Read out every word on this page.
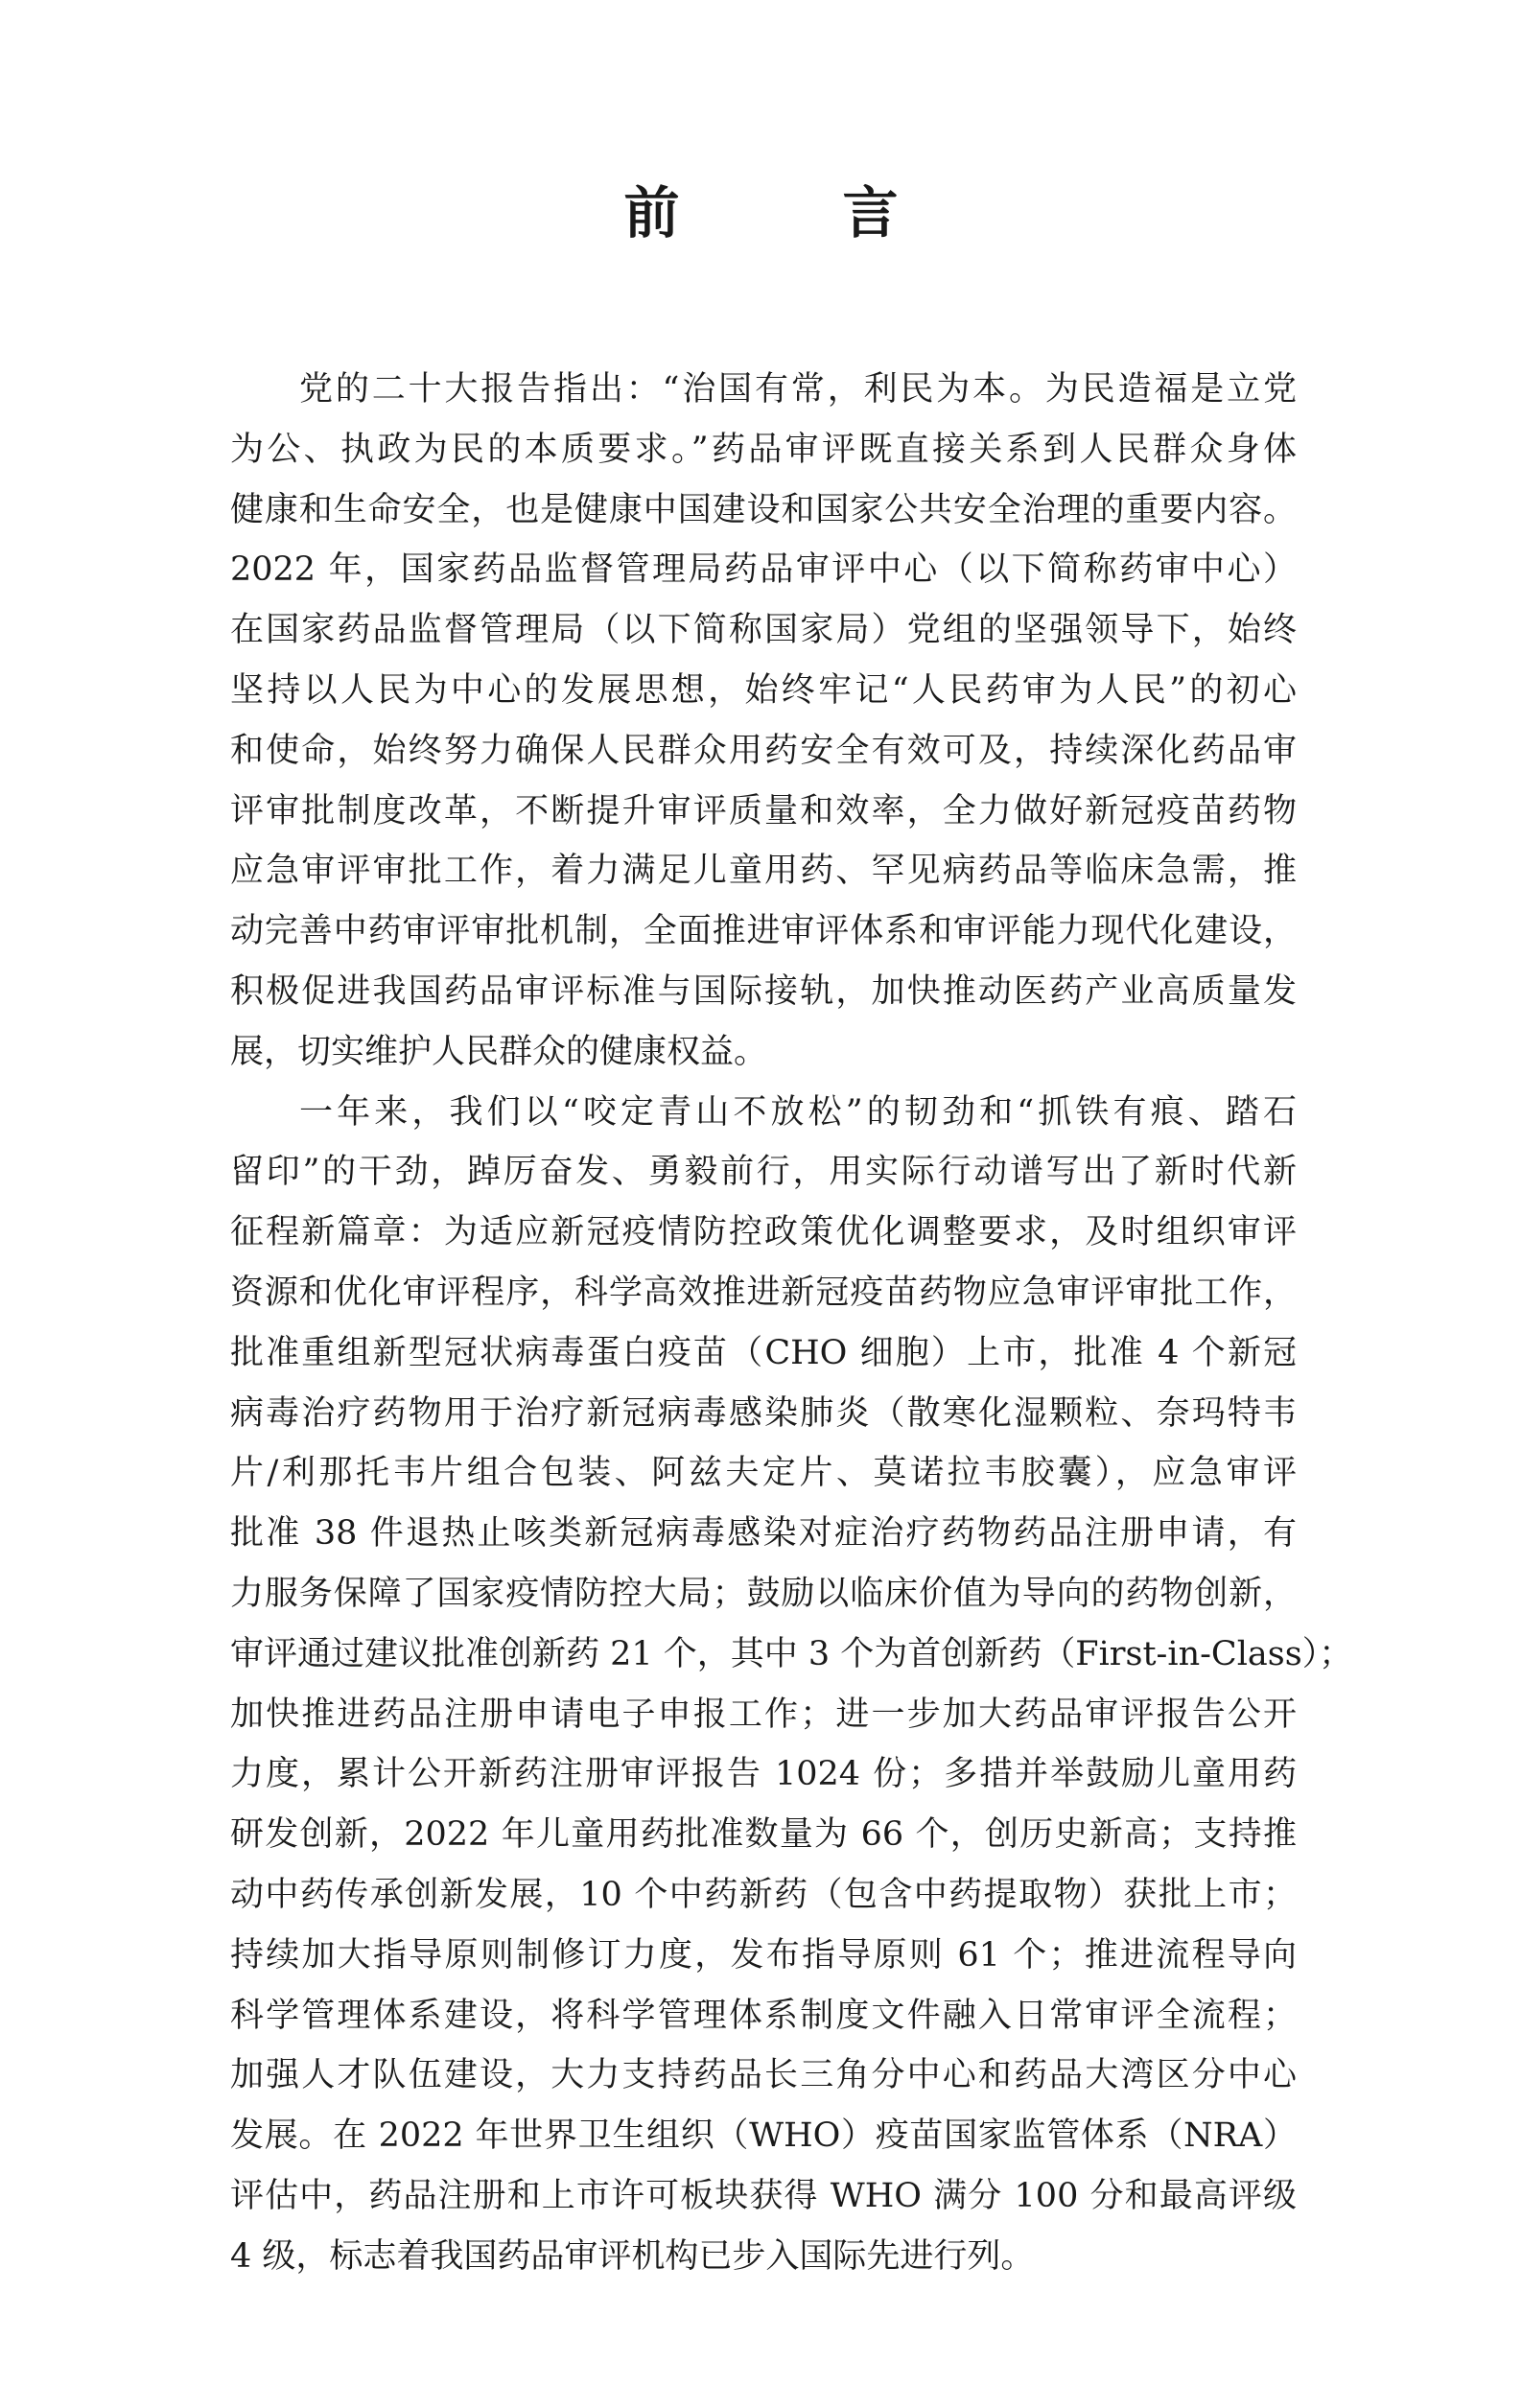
前　言
党的二十大报告指出：“治国有常，利民为本。为民造福是立党
为公、执政为民的本质要求。”药品审评既直接关系到人民群众身体
健康和生命安全，也是健康中国建设和国家公共安全治理的重要内容。
2022 年，国家药品监督管理局药品审评中心（以下简称药审中心）
在国家药品监督管理局（以下简称国家局）党组的坚强领导下，始终
坚持以人民为中心的发展思想，始终牢记“人民药审为人民”的初心
和使命，始终努力确保人民群众用药安全有效可及，持续深化药品审
评审批制度改革，不断提升审评质量和效率，全力做好新冠疫苗药物
应急审评审批工作，着力满足儿童用药、罕见病药品等临床急需，推
动完善中药审评审批机制，全面推进审评体系和审评能力现代化建设，
积极促进我国药品审评标准与国际接轨，加快推动医药产业高质量发
展，切实维护人民群众的健康权益。
一年来，我们以“咬定青山不放松”的韧劲和“抓铁有痕、踏石
留印”的干劲，踔厉奋发、勇毅前行，用实际行动谱写出了新时代新
征程新篇章：为适应新冠疫情防控政策优化调整要求，及时组织审评
资源和优化审评程序，科学高效推进新冠疫苗药物应急审评审批工作，
批准重组新型冠状病毒蛋白疫苗（CHO 细胞）上市，批准 4 个新冠
病毒治疗药物用于治疗新冠病毒感染肺炎（散寒化湿颗粒、奈玛特韦
片/利那托韦片组合包装、阿兹夫定片、莫诺拉韦胶囊），应急审评
批准 38 件退热止咳类新冠病毒感染对症治疗药物药品注册申请，有
力服务保障了国家疫情防控大局；鼓励以临床价值为导向的药物创新，
审评通过建议批准创新药 21 个，其中 3 个为首创新药（First-in-Class）；
加快推进药品注册申请电子申报工作；进一步加大药品审评报告公开
力度，累计公开新药注册审评报告 1024 份；多措并举鼓励儿童用药
研发创新，2022 年儿童用药批准数量为 66 个，创历史新高；支持推
动中药传承创新发展，10 个中药新药（包含中药提取物）获批上市；
持续加大指导原则制修订力度，发布指导原则 61 个；推进流程导向
科学管理体系建设，将科学管理体系制度文件融入日常审评全流程；
加强人才队伍建设，大力支持药品长三角分中心和药品大湾区分中心
发展。在 2022 年世界卫生组织（WHO）疫苗国家监管体系（NRA）
评估中，药品注册和上市许可板块获得 WHO 满分 100 分和最高评级
4 级，标志着我国药品审评机构已步入国际先进行列。
